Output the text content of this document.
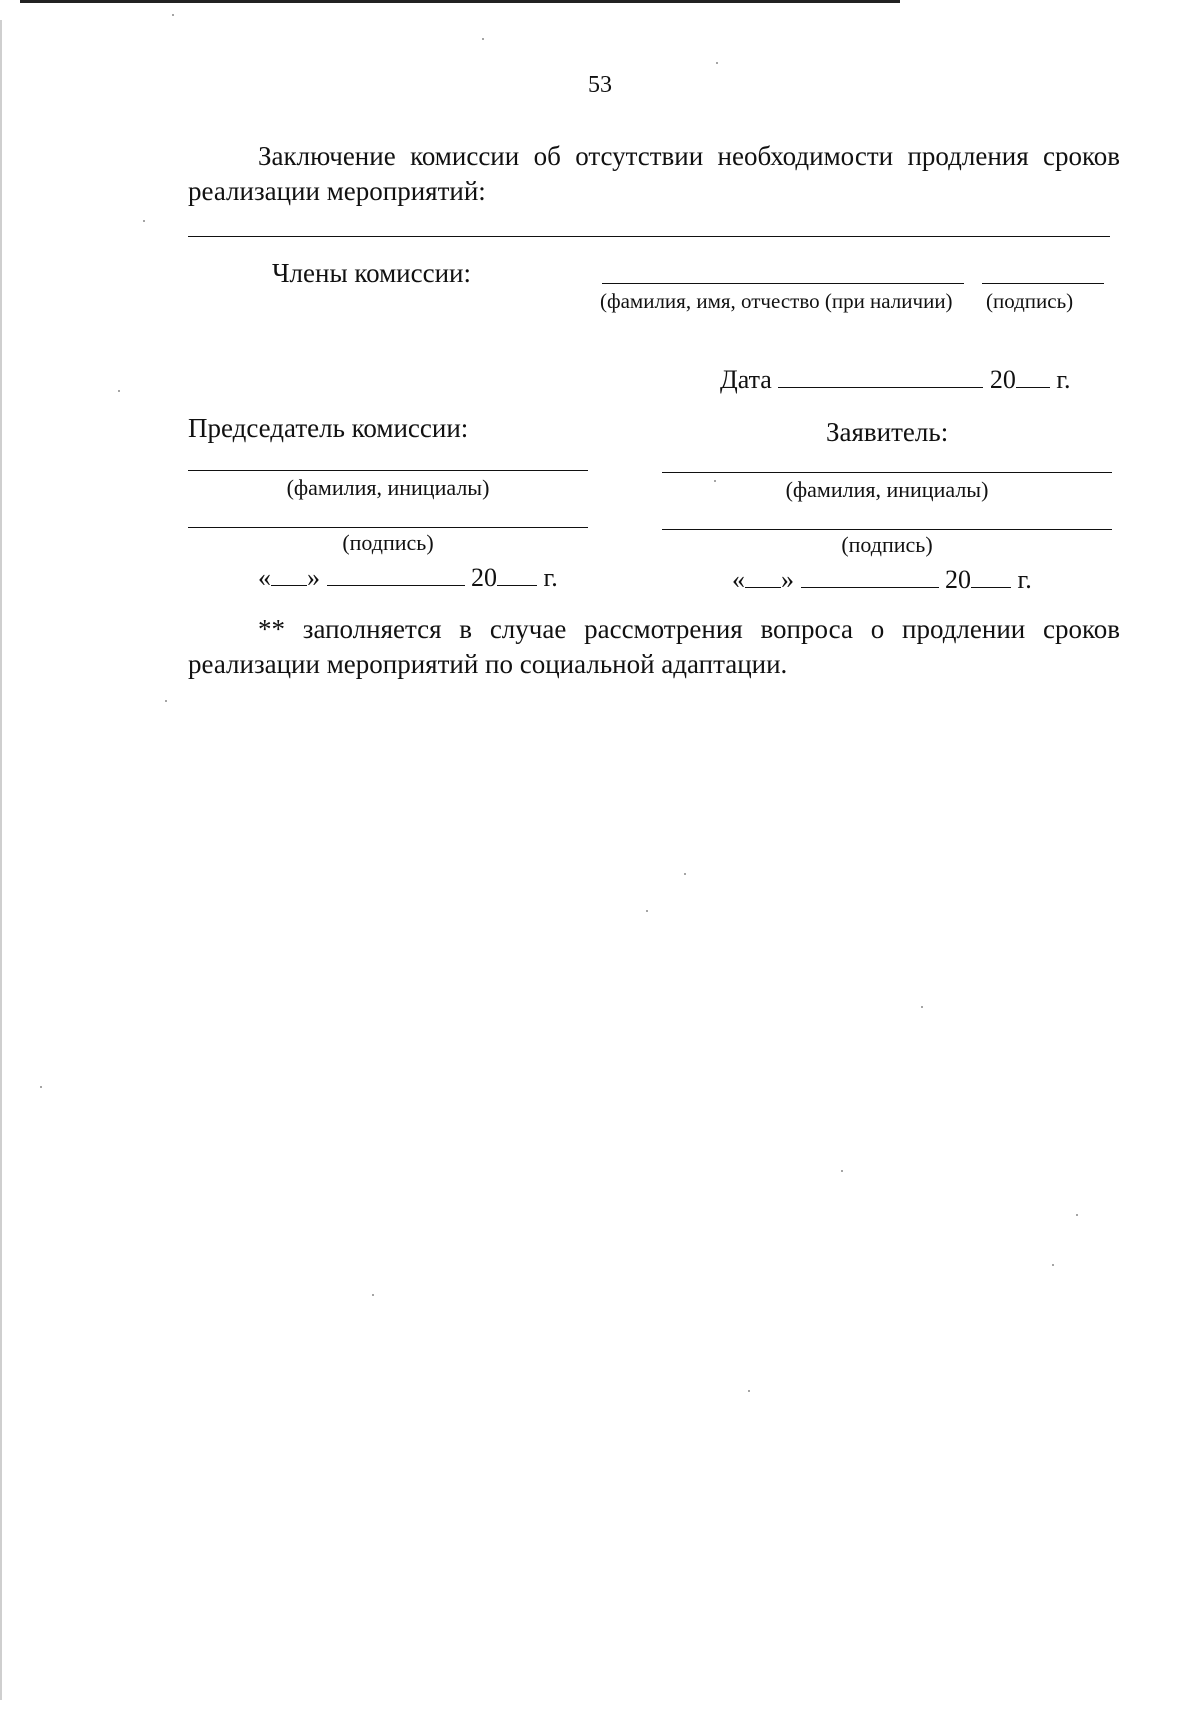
53
Заключение комиссии об отсутствии необходимости продления сроков реализации мероприятий:
Члены комиссии:
(фамилия, имя, отчество (при наличии) (подпись)
Дата	20 г.
Председатель комиссии:
(фамилия, инициалы)
(подпись)
« »	20 г.
Заявитель:
(фамилия, инициалы)
(подпись)
« »	20 г.
** заполняется в случае рассмотрения вопроса о продлении сроков реализации мероприятий по социальной адаптации.
